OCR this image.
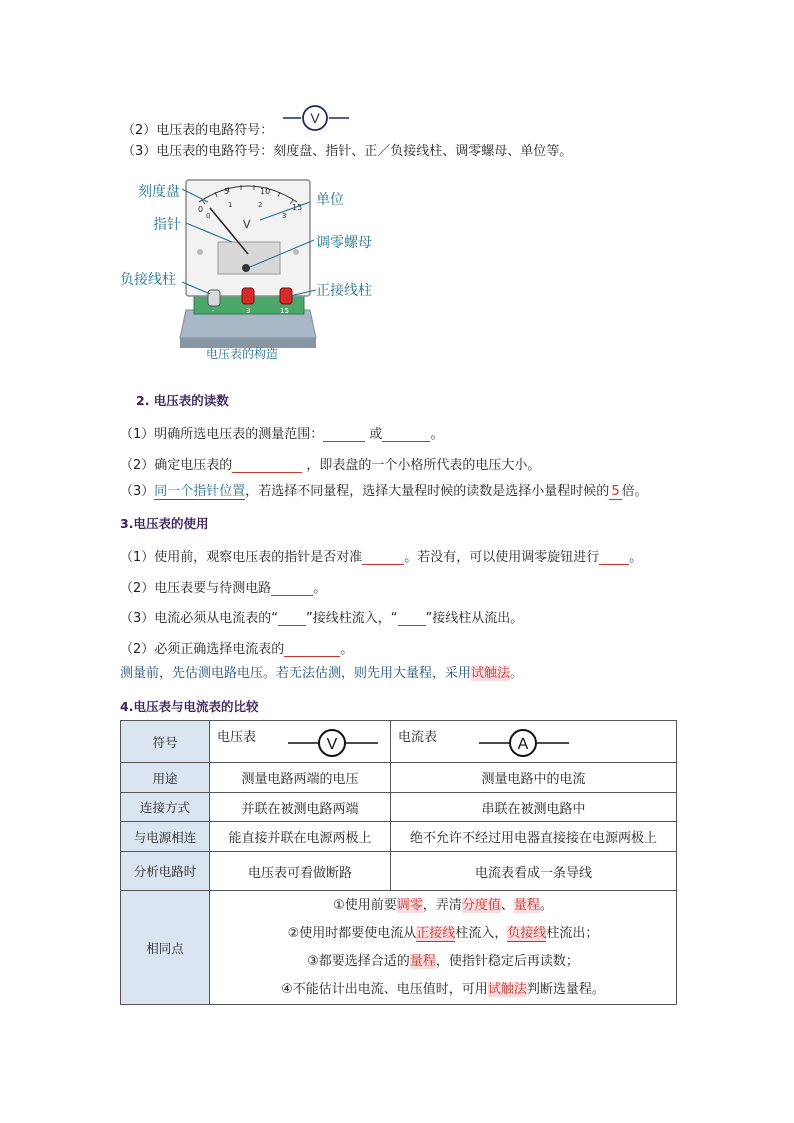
（2）电压表的电路符号：
V
（3）电压表的电路符号：刻度盘、指针、正／负接线柱、调零螺母、单位等。
0
5	10
15
0
1	2
3
V
-	3	15
刻度盘
指针
单位
调零螺母
负接线柱
正接线柱
电压表的构造
2. 电压表的读数
（1）明确所选电压表的测量范围：	或	。
（2）确定电压表的	，即表盘的一个小格所代表的电压大小。
（3）同一个指针位置，若选择不同量程，选择大量程时候的读数是选择小量程时候的 5 倍。
3.电压表的使用
（1）使用前，观察电压表的指针是否对准	。若没有，可以使用调零旋钮进行 。
（2）电压表要与待测电路	。
（3）电流必须从电流表的“ ”接线柱流入，“ ”接线柱从流出。
（2）必须正确选择电流表的	。
测量前，先估测电路电压。若无法估测，则先用大量程，采用试触法。
4.电压表与电流表的比较
符号	电压表 V	电流表 A

用途	测量电路两端的电压	测量电路中的电流
连接方式	并联在被测电路两端	串联在被测电路中
与电源相连	能直接并联在电源两极上	绝不允许不经过用电器直接接在电源两极上
分析电路时	电压表可看做断路	电流表看成一条导线
相同点	①使用前要调零，弄清分度值、量程。
②使用时都要使电流从正接线柱流入，负接线柱流出；
③都要选择合适的量程，使指针稳定后再读数；
④不能估计出电流、电压值时，可用试触法判断选量程。	
